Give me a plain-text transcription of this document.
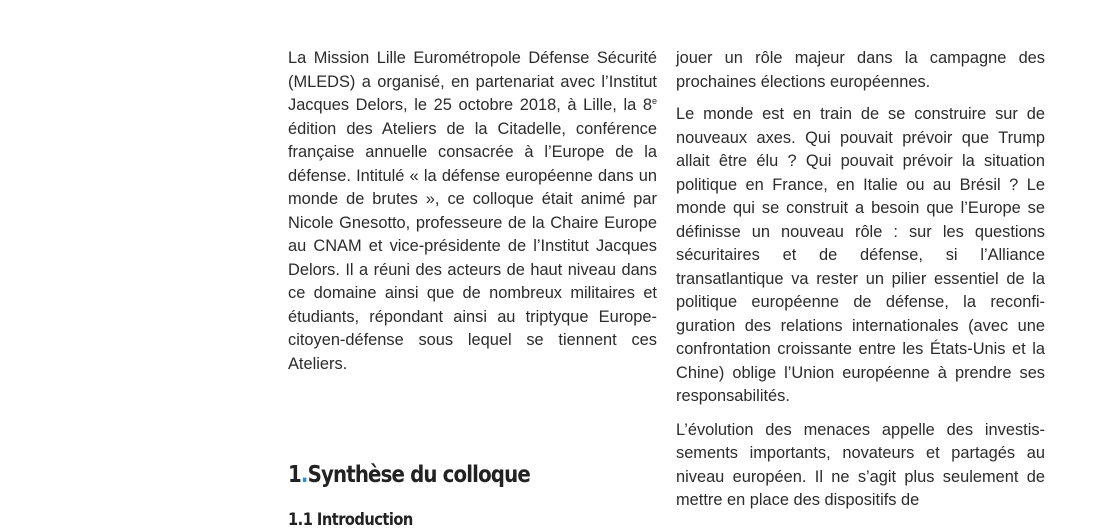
La Mission Lille Eurométropole Défense Sécurité (MLEDS) a organisé, en partenariat avec l’Institut Jacques Delors, le 25 octobre 2018, à Lille, la 8e édition des Ateliers de la Citadelle, conférence française annuelle consacrée à l’Europe de la défense. Intitulé « la défense européenne dans un monde de brutes », ce colloque était animé par Nicole Gnesotto, professeure de la Chaire Europe au CNAM et vice-présidente de l’Institut Jacques Delors. Il a réuni des acteurs de haut niveau dans ce domaine ainsi que de nombreux militaires et étudiants, répondant ainsi au triptyque Europe-citoyen-défense sous lequel se tiennent ces Ateliers.

1.Synthèse du colloque
1.1 Introduction

jouer un rôle majeur dans la campagne des prochaines élections européennes.

Le monde est en train de se construire sur de nouveaux axes. Qui pouvait prévoir que Trump allait être élu ? Qui pouvait prévoir la situation politique en France, en Italie ou au Brésil ? Le monde qui se construit a besoin que l’Europe se définisse un nouveau rôle : sur les questions sécuritaires et de défense, si l’Alliance transatlantique va rester un pilier essentiel de la politique européenne de défense, la reconfiguration des relations internationales (avec une confrontation croissante entre les États-Unis et la Chine) oblige l’Union européenne à prendre ses responsabilités.

L’évolution des menaces appelle des investissements importants, novateurs et partagés au niveau européen. Il ne s’agit plus seulement de mettre en place des dispositifs de
